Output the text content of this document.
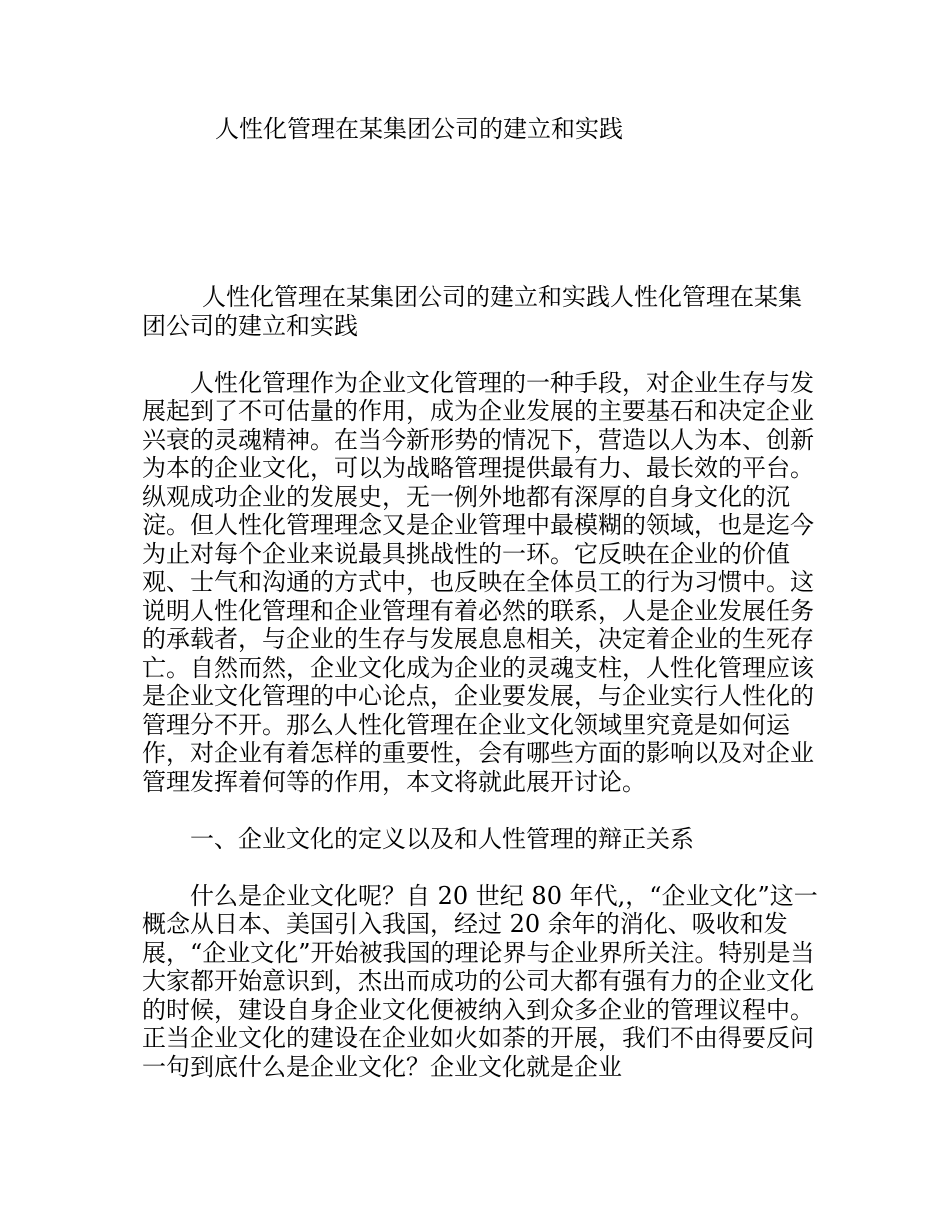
人性化管理在某集团公司的建立和实践

人性化管理在某集团公司的建立和实践人性化管理在某集团公司的建立和实践

人性化管理作为企业文化管理的一种手段，对企业生存与发展起到了不可估量的作用，成为企业发展的主要基石和决定企业兴衰的灵魂精神。在当今新形势的情况下，营造以人为本、创新为本的企业文化，可以为战略管理提供最有力、最长效的平台。纵观成功企业的发展史，无一例外地都有深厚的自身文化的沉淀。但人性化管理理念又是企业管理中最模糊的领域，也是迄今为止对每个企业来说最具挑战性的一环。它反映在企业的价值观、士气和沟通的方式中，也反映在全体员工的行为习惯中。这说明人性化管理和企业管理有着必然的联系，人是企业发展任务的承载者，与企业的生存与发展息息相关，决定着企业的生死存亡。自然而然，企业文化成为企业的灵魂支柱，人性化管理应该是企业文化管理的中心论点，企业要发展，与企业实行人性化的管理分不开。那么人性化管理在企业文化领域里究竟是如何运作，对企业有着怎样的重要性，会有哪些方面的影响以及对企业管理发挥着何等的作用，本文将就此展开讨论。

一、企业文化的定义以及和人性管理的辩正关系

什么是企业文化呢？自 20 世纪 80 年代,，“企业文化”这一概念从日本、美国引入我国，经过 20 余年的消化、吸收和发展，“企业文化”开始被我国的理论界与企业界所关注。特别是当大家都开始意识到，杰出而成功的公司大都有强有力的企业文化的时候，建设自身企业文化便被纳入到众多企业的管理议程中。正当企业文化的建设在企业如火如荼的开展，我们不由得要反问一句到底什么是企业文化？企业文化就是企业
